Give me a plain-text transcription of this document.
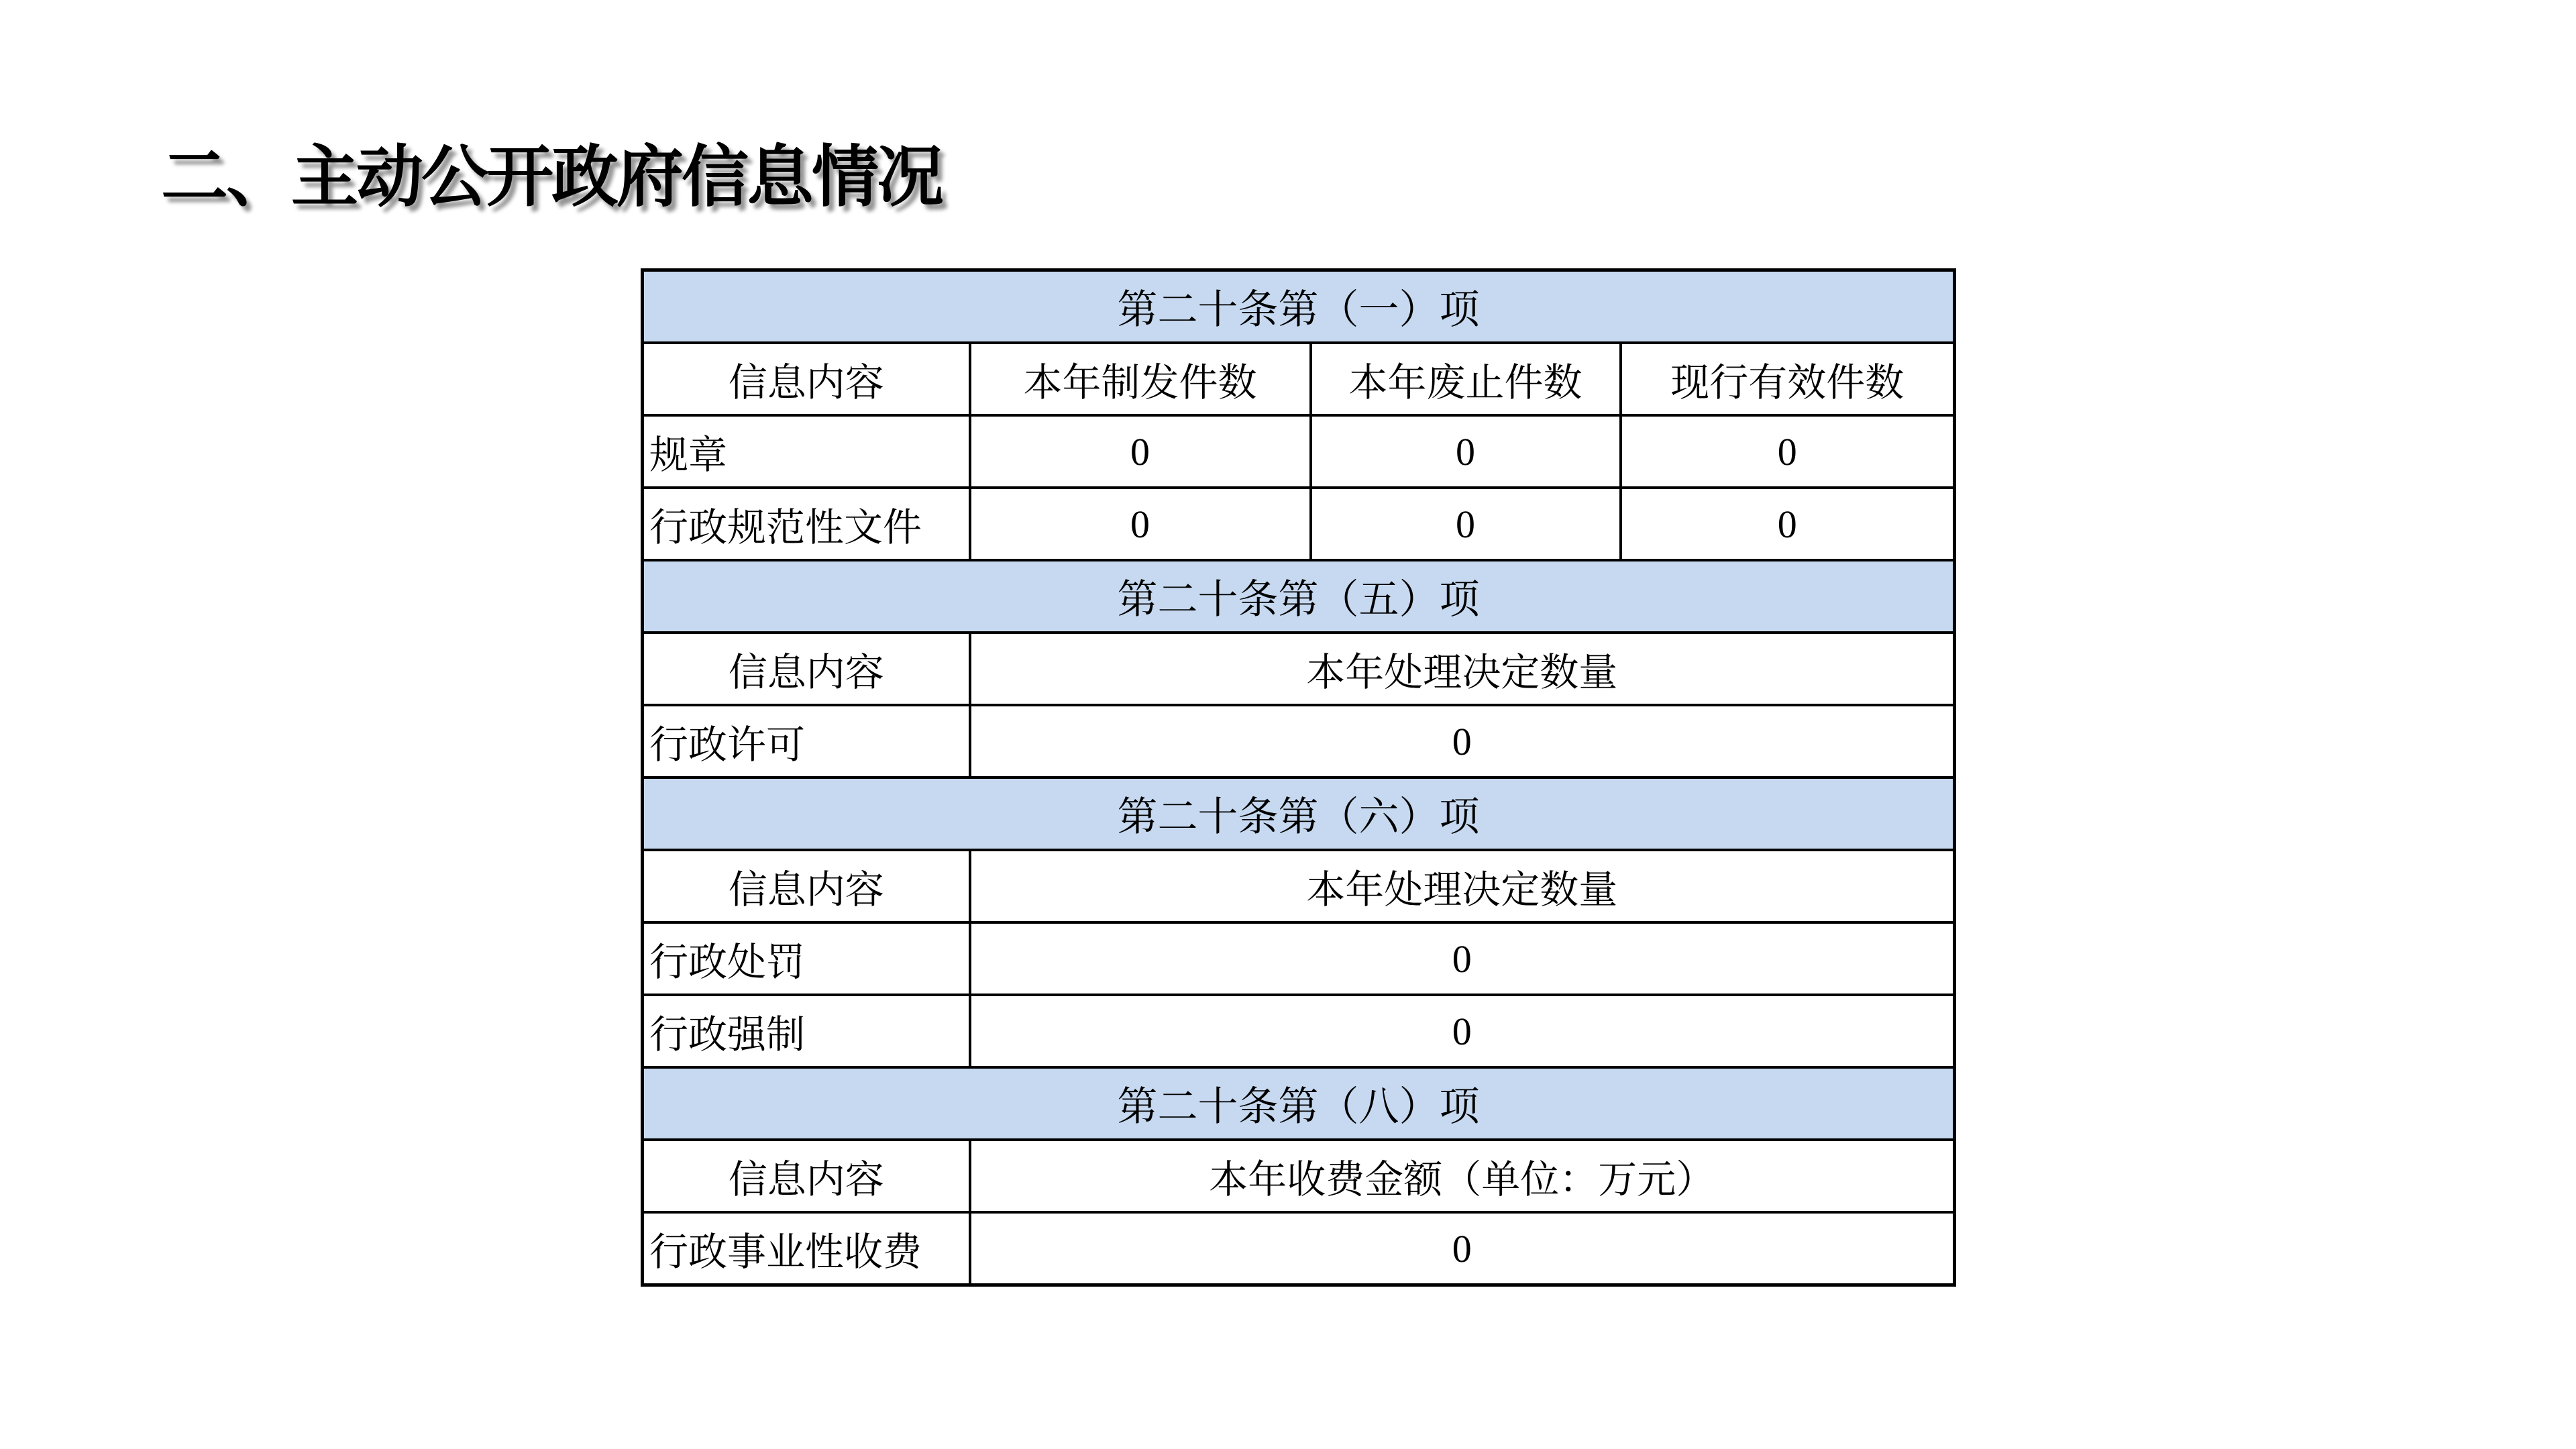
二、主动公开政府信息情况
第二十条第（一）项			
信息内容	本年制发件数	本年废止件数	现行有效件数
规章	0	0	0
行政规范性文件	0	0	0
第二十条第（五）项			
信息内容	本年处理决定数量		
行政许可	0		
第二十条第（六）项			
信息内容	本年处理决定数量		
行政处罚	0		
行政强制	0		
第二十条第（八）项			
信息内容	本年收费金额（单位：万元）		
行政事业性收费	0		
